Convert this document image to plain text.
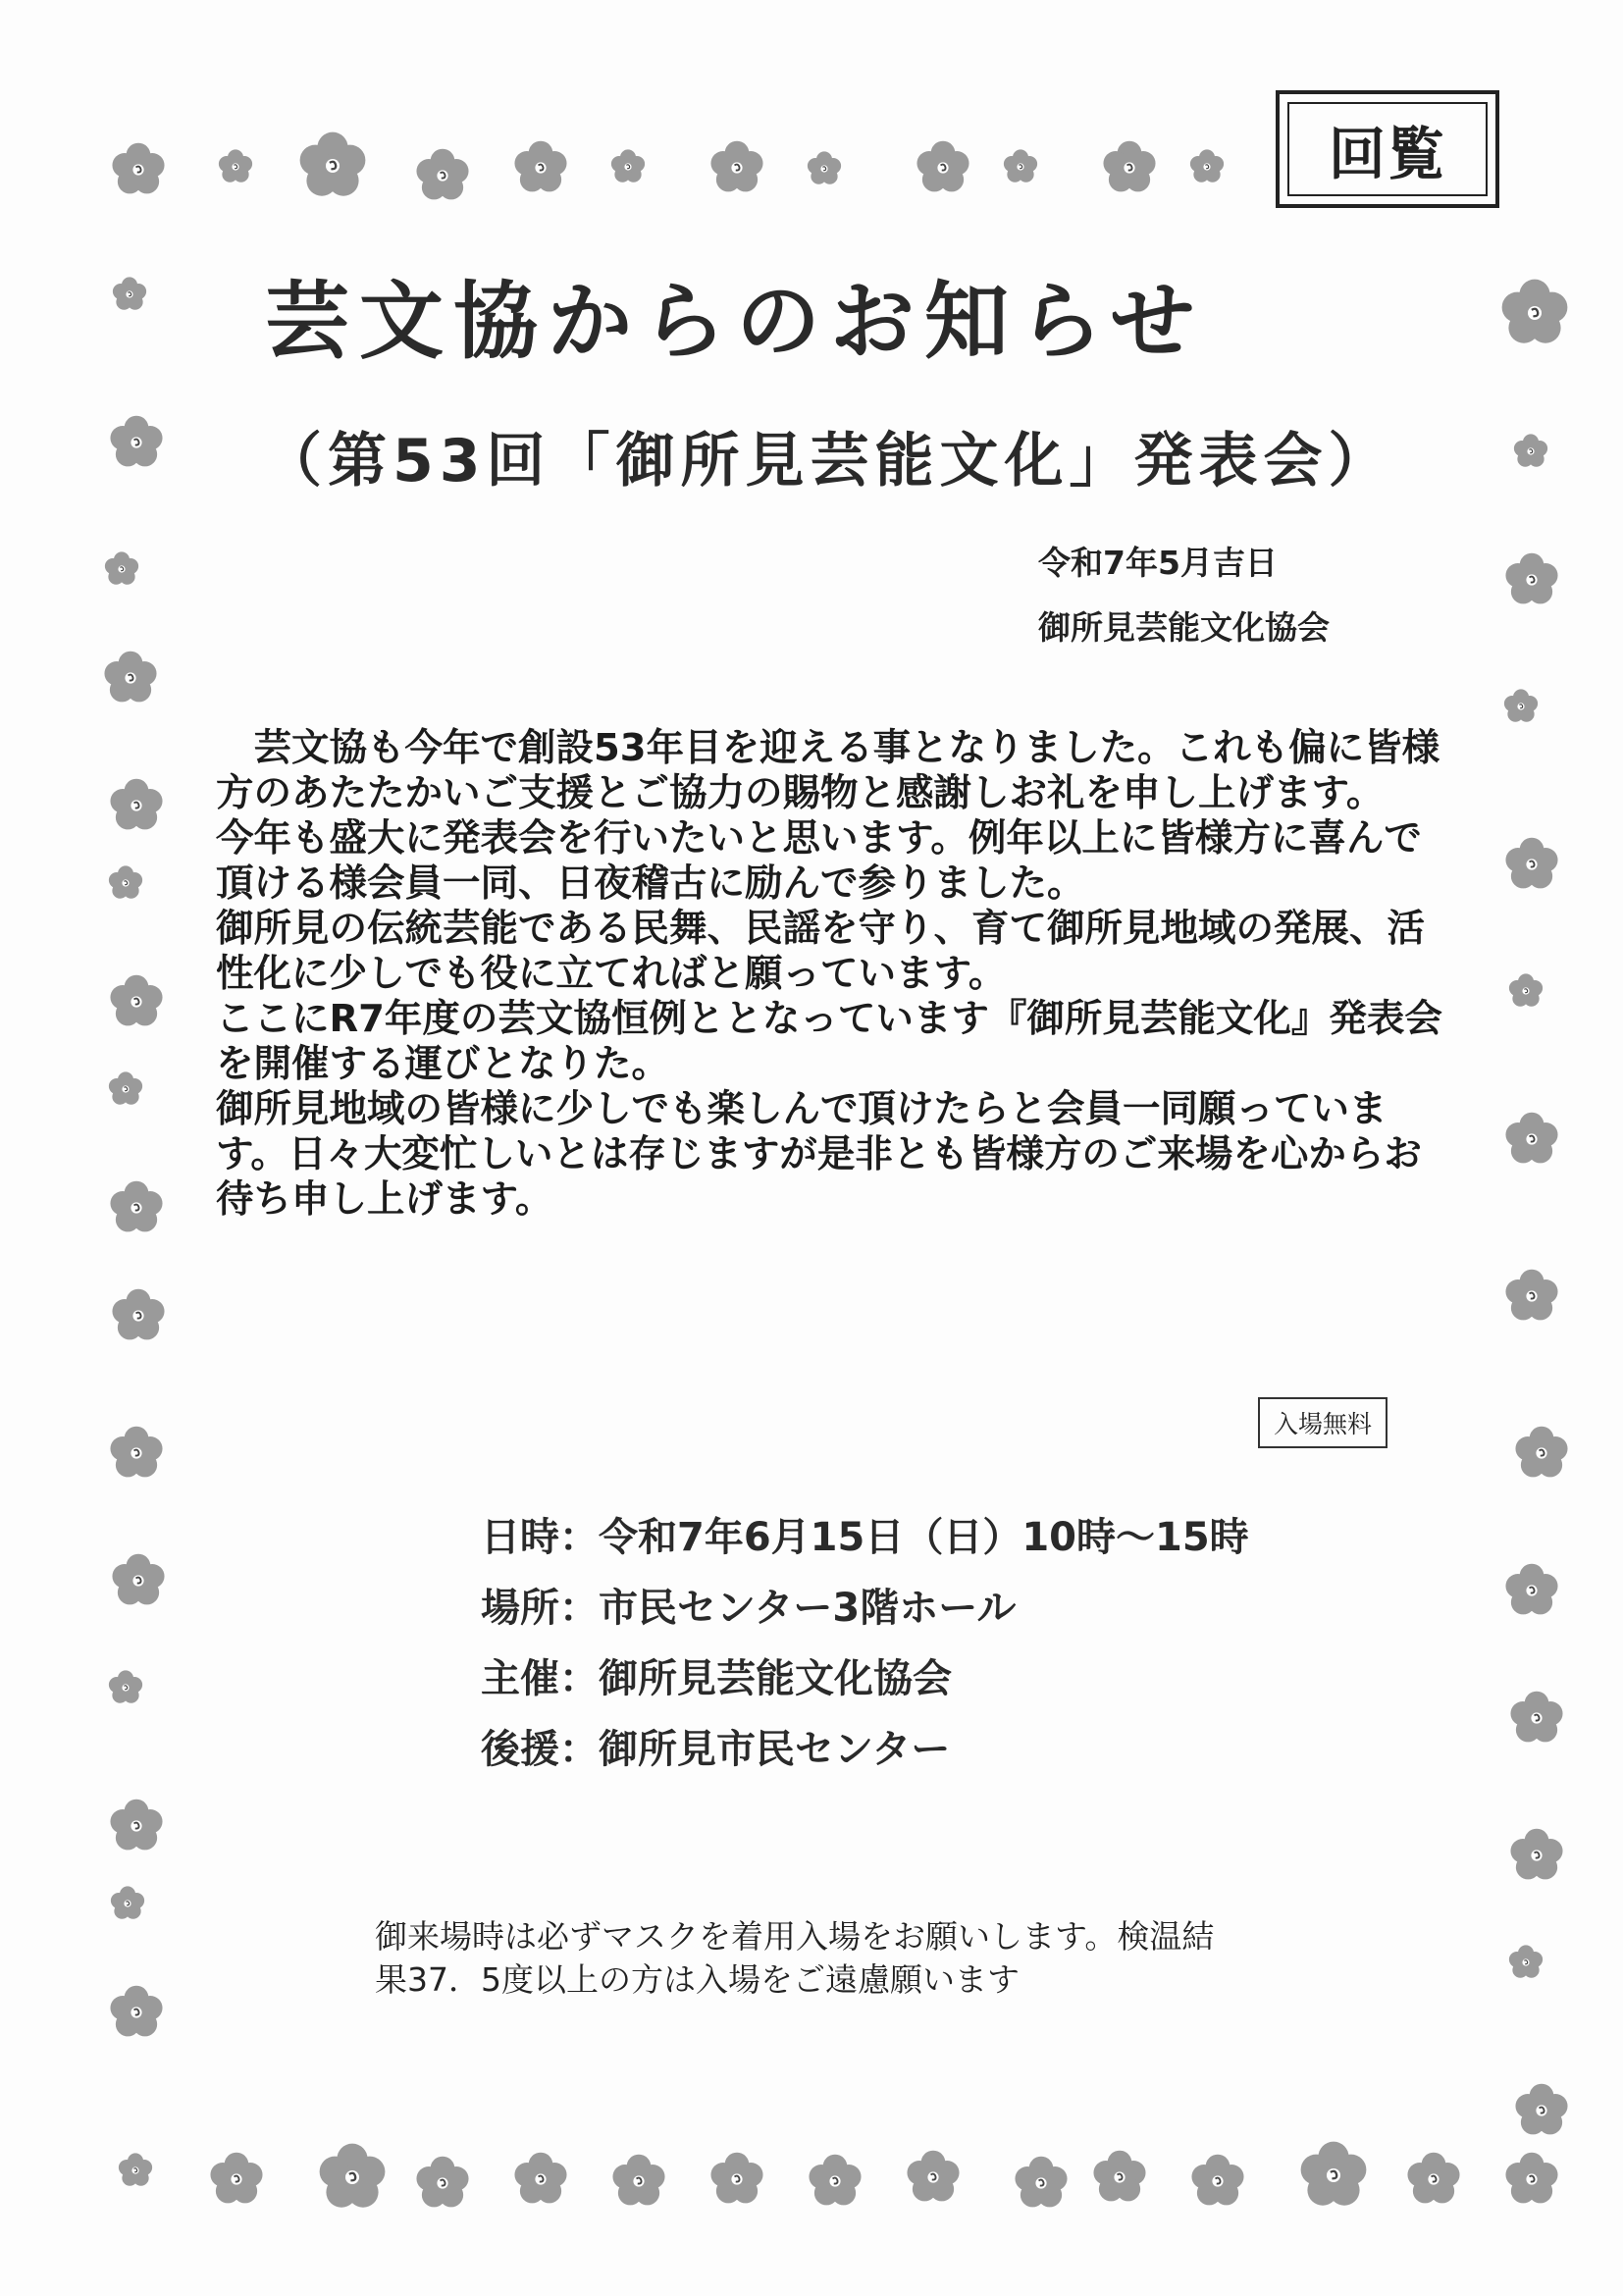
回覧
芸文協からのお知らせ
（第53回「御所見芸能文化」発表会）
令和7年5月吉日
御所見芸能文化協会

　芸文協も今年で創設53年目を迎える事となりました。これも偏に皆様方のあたたかいご支援とご協力の賜物と感謝しお礼を申し上げます。

今年も盛大に発表会を行いたいと思います。例年以上に皆様方に喜んで頂ける様会員一同、日夜稽古に励んで参りました。

御所見の伝統芸能である民舞、民謡を守り、育て御所見地域の発展、活性化に少しでも役に立てればと願っています。

ここにR7年度の芸文協恒例ととなっています『御所見芸能文化』発表会を開催する運びとなりた。

御所見地域の皆様に少しでも楽しんで頂けたらと会員一同願っています。日々大変忙しいとは存じますが是非とも皆様方のご来場を心からお待ち申し上げます。

入場無料
日時：令和7年6月15日（日）10時～15時
場所：市民センター3階ホール
主催：御所見芸能文化協会
後援：御所見市民センター

御来場時は必ずマスクを着用入場をお願いします。検温結

果37．5度以上の方は入場をご遠慮願います
